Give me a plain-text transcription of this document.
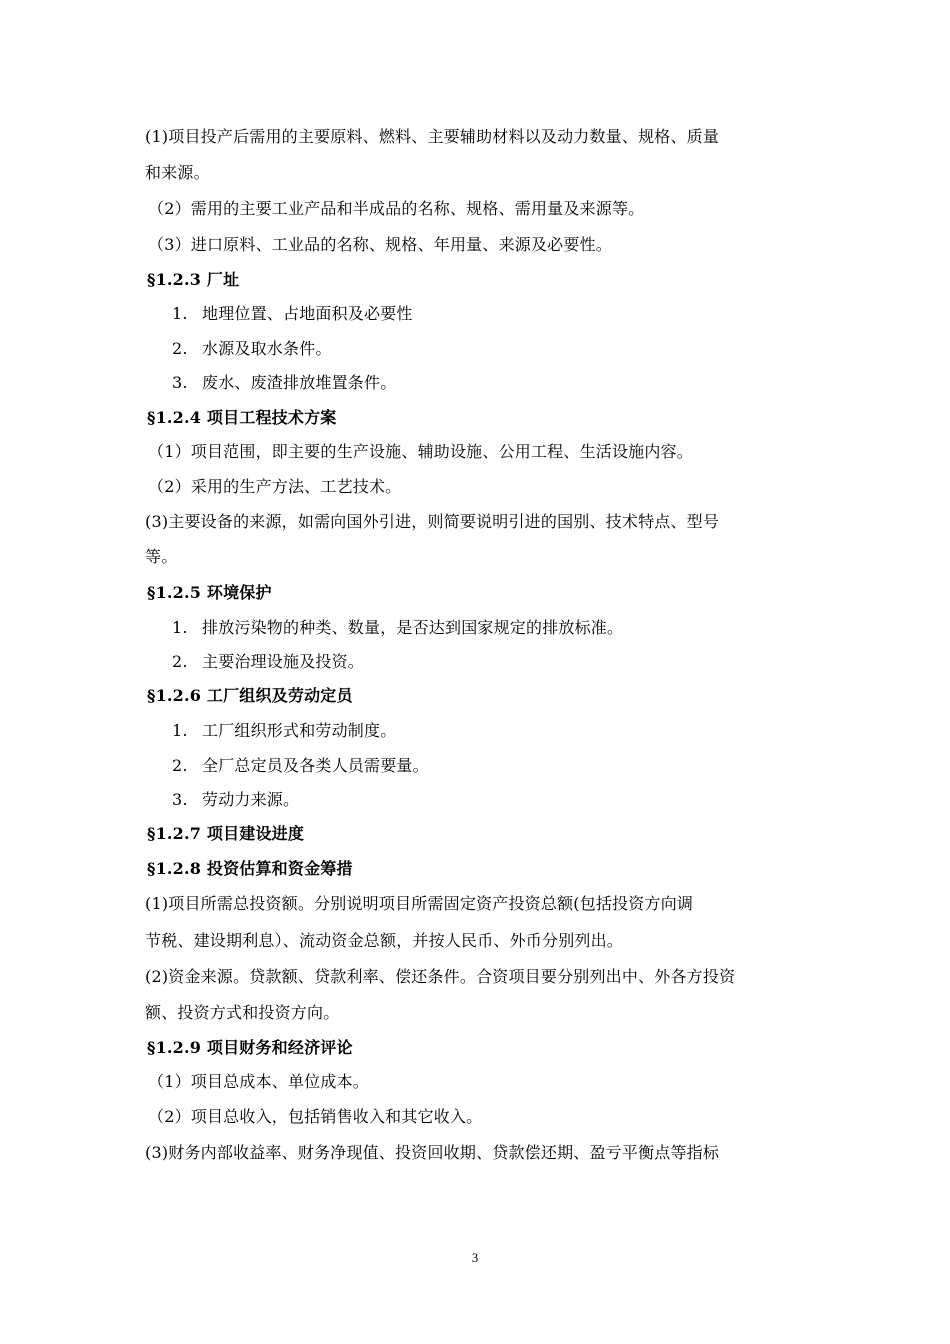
(1)项目投产后需用的主要原料、燃料、主要辅助材料以及动力数量、规格、质量
和来源。
（2）需用的主要工业产品和半成品的名称、规格、需用量及来源等。
（3）进口原料、工业品的名称、规格、年用量、来源及必要性。
§1.2.3 厂址
1. 地理位置、占地面积及必要性
2. 水源及取水条件。
3. 废水、废渣排放堆置条件。
§1.2.4 项目工程技术方案
（1）项目范围，即主要的生产设施、辅助设施、公用工程、生活设施内容。
（2）采用的生产方法、工艺技术。
(3)主要设备的来源，如需向国外引进，则简要说明引进的国别、技术特点、型号
等。
§1.2.5 环境保护
1. 排放污染物的种类、数量，是否达到国家规定的排放标准。
2. 主要治理设施及投资。
§1.2.6 工厂组织及劳动定员
1. 工厂组织形式和劳动制度。
2. 全厂总定员及各类人员需要量。
3. 劳动力来源。
§1.2.7 项目建设进度
§1.2.8 投资估算和资金筹措
(1)项目所需总投资额。分别说明项目所需固定资产投资总额(包括投资方向调
节税、建设期利息）、流动资金总额，并按人民币、外币分别列出。
(2)资金来源。贷款额、贷款利率、偿还条件。合资项目要分别列出中、外各方投资
额、投资方式和投资方向。
§1.2.9 项目财务和经济评论
（1）项目总成本、单位成本。
（2）项目总收入，包括销售收入和其它收入。
(3)财务内部收益率、财务净现值、投资回收期、贷款偿还期、盈亏平衡点等指标
3
